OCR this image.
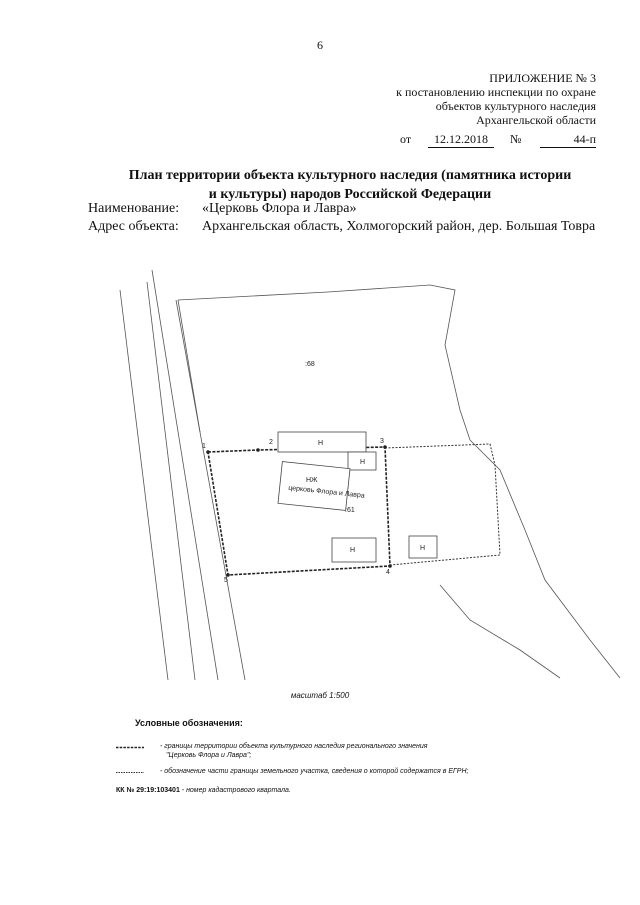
6
ПРИЛОЖЕНИЕ № 3
к постановлению инспекции по охране
объектов культурного наследия
Архангельской области
от	12.12.2018	№	44-п
План территории объекта культурного наследия (памятника истории
и культуры) народов Российской Федерации
Наименование: «Церковь Флора и Лавра»
Адрес объекта: Архангельская область, Холмогорский район, дер. Большая Товра
:68
:61
Н
Н
НЖ
церковь Флора и Лавра
Н	Н
1
2	3
4
5
масштаб 1:500
Условные обозначения:
- границы территории объекта культурного наследия регионального значения
"Церковь Флора и Лавра";
- обозначение части границы земельного участка, сведения о которой содержатся в ЕГРН;
КК № 29:19:103401 - номер кадастрового квартала.
